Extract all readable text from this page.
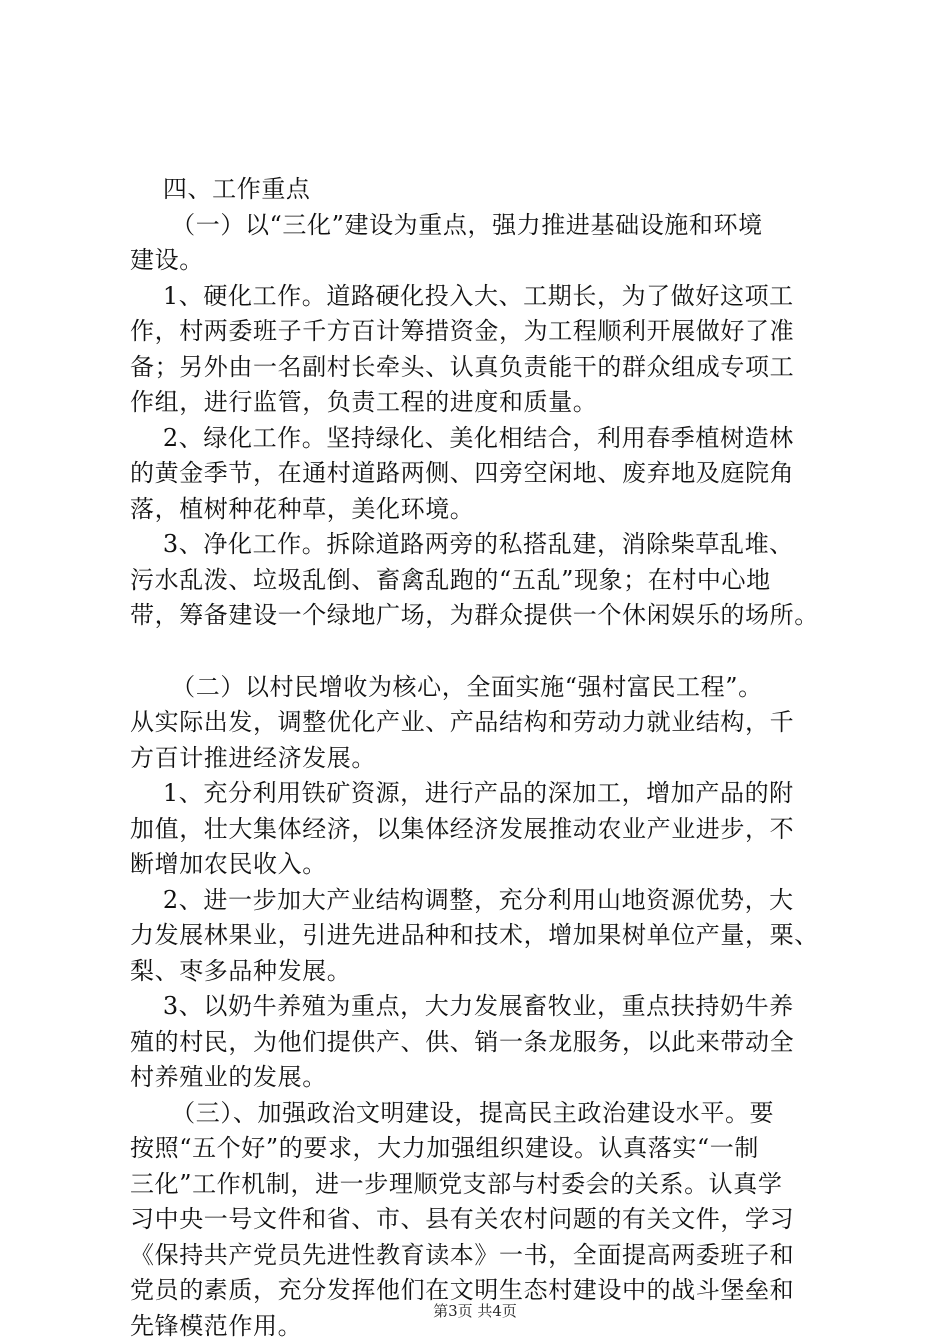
四、工作重点
（一）以“三化”建设为重点，强力推进基础设施和环境
建设。
1、硬化工作。道路硬化投入大、工期长，为了做好这项工
作，村两委班子千方百计筹措资金，为工程顺利开展做好了准
备；另外由一名副村长牵头、认真负责能干的群众组成专项工
作组，进行监管，负责工程的进度和质量。
2、绿化工作。坚持绿化、美化相结合，利用春季植树造林
的黄金季节，在通村道路两侧、四旁空闲地、废弃地及庭院角
落，植树种花种草，美化环境。
3、净化工作。拆除道路两旁的私搭乱建，消除柴草乱堆、
污水乱泼、垃圾乱倒、畜禽乱跑的“五乱”现象；在村中心地
带，筹备建设一个绿地广场，为群众提供一个休闲娱乐的场所。
（二）以村民增收为核心，全面实施“强村富民工程”。
从实际出发，调整优化产业、产品结构和劳动力就业结构，千
方百计推进经济发展。
1、充分利用铁矿资源，进行产品的深加工，增加产品的附
加值，壮大集体经济，以集体经济发展推动农业产业进步，不
断增加农民收入。
2、进一步加大产业结构调整，充分利用山地资源优势，大
力发展林果业，引进先进品种和技术，增加果树单位产量，栗、
梨、枣多品种发展。
3、以奶牛养殖为重点，大力发展畜牧业，重点扶持奶牛养
殖的村民，为他们提供产、供、销一条龙服务，以此来带动全
村养殖业的发展。
（三）、加强政治文明建设，提高民主政治建设水平。要
按照“五个好”的要求，大力加强组织建设。认真落实“一制
三化”工作机制，进一步理顺党支部与村委会的关系。认真学
习中央一号文件和省、市、县有关农村问题的有关文件，学习
《保持共产党员先进性教育读本》一书，全面提高两委班子和
党员的素质，充分发挥他们在文明生态村建设中的战斗堡垒和
先锋模范作用。
第3页 共4页
